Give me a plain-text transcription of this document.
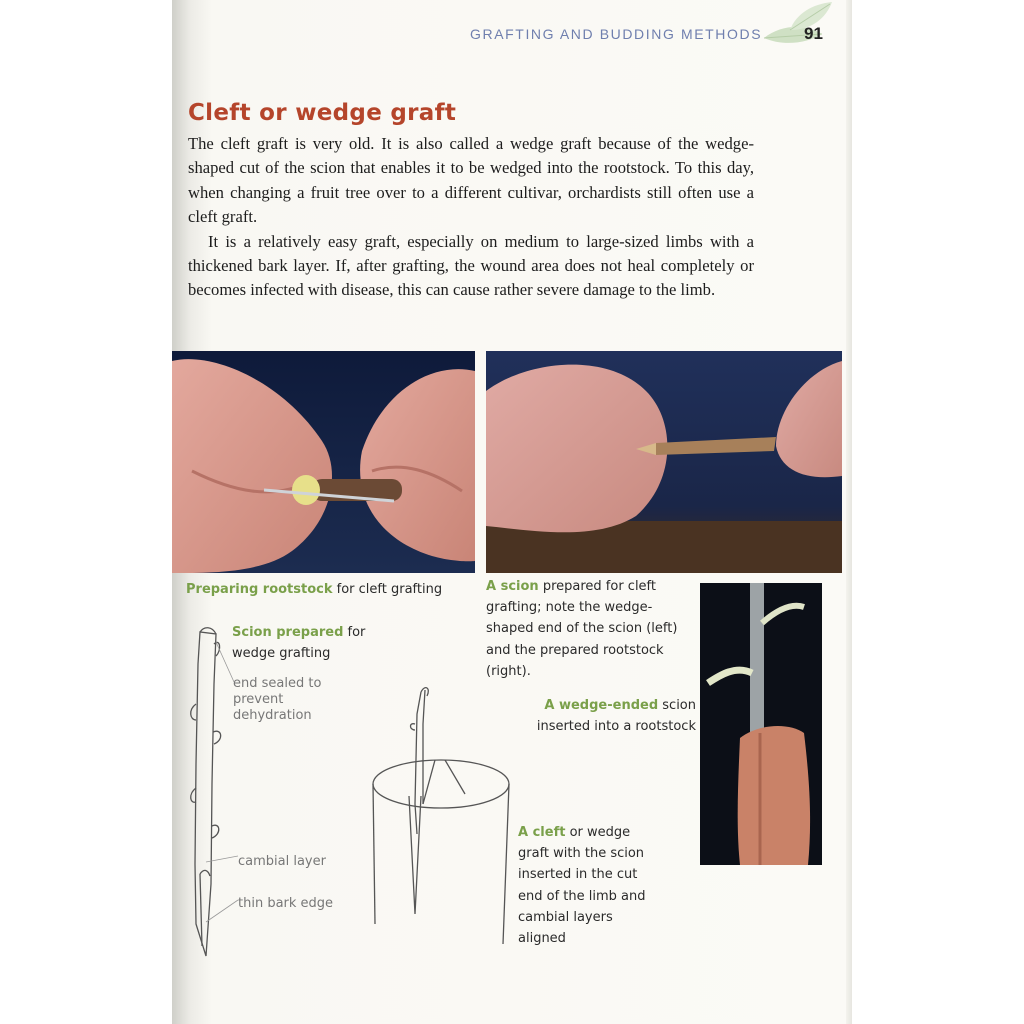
GRAFTING AND BUDDING METHODS 91
Cleft or wedge graft

The cleft graft is very old. It is also called a wedge graft because of the wedge-shaped cut of the scion that enables it to be wedged into the rootstock. To this day, when changing a fruit tree over to a different cultivar, orchardists still often use a cleft graft.

It is a relatively easy graft, especially on medium to large-sized limbs with a thickened bark layer. If, after grafting, the wound area does not heal completely or becomes infected with disease, this can cause rather severe damage to the limb.

Preparing rootstock for cleft grafting	A scion prepared for cleft grafting; note the wedge-shaped end of the scion (left) and the prepared rootstock (right).
Scion prepared for wedge grafting
A wedge-ended scion inserted into a rootstock
A cleft or wedge graft with the scion inserted in the cut end of the limb and cambial layers aligned
end sealed to prevent dehydration
cambial layer
thin bark edge
